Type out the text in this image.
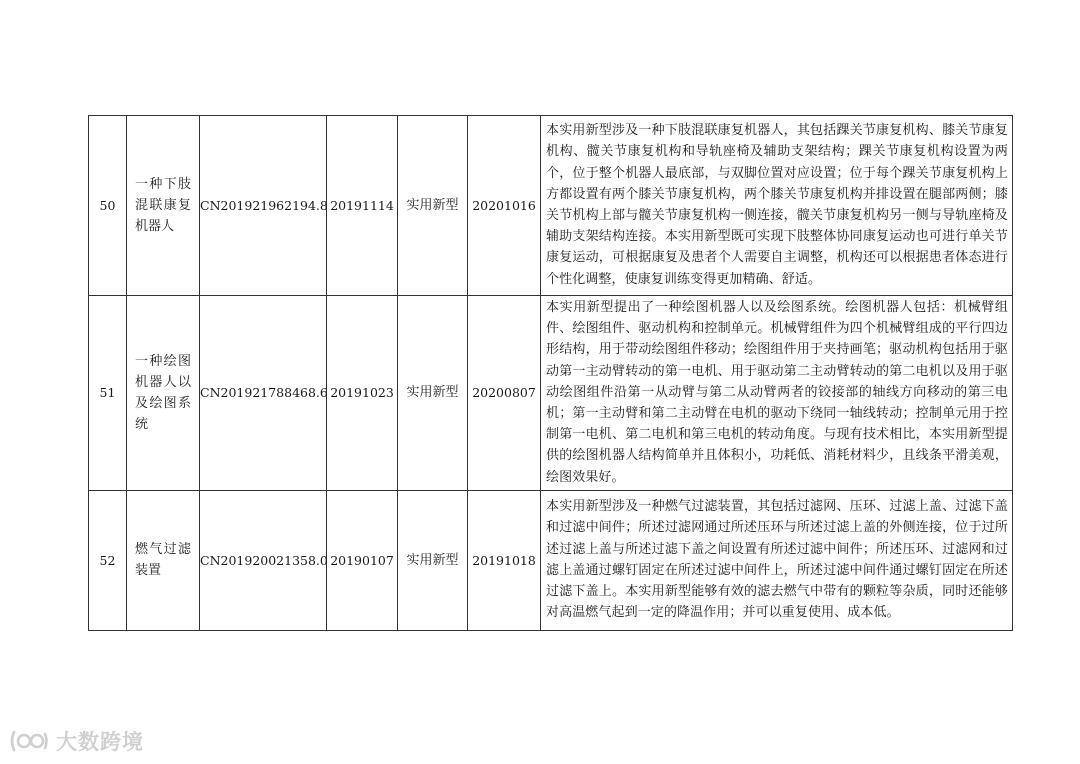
50	一种下肢混联康复机器人	CN201921962194.8	20191114	实用新型	20201016	本实用新型涉及一种下肢混联康复机器人，其包括踝关节康复机构、膝关节康复机构、髋关节康复机构和导轨座椅及辅助支架结构；踝关节康复机构设置为两个，位于整个机器人最底部，与双脚位置对应设置；位于每个踝关节康复机构上方都设置有两个膝关节康复机构，两个膝关节康复机构并排设置在腿部两侧；膝关节机构上部与髋关节康复机构一侧连接，髋关节康复机构另一侧与导轨座椅及辅助支架结构连接。本实用新型既可实现下肢整体协同康复运动也可进行单关节康复运动，可根据康复及患者个人需要自主调整，机构还可以根据患者体态进行个性化调整，使康复训练变得更加精确、舒适。
51	一种绘图机器人以及绘图系统	CN201921788468.6	20191023	实用新型	20200807	本实用新型提出了一种绘图机器人以及绘图系统。绘图机器人包括：机械臂组件、绘图组件、驱动机构和控制单元。机械臂组件为四个机械臂组成的平行四边形结构，用于带动绘图组件移动；绘图组件用于夹持画笔；驱动机构包括用于驱动第一主动臂转动的第一电机、用于驱动第二主动臂转动的第二电机以及用于驱动绘图组件沿第一从动臂与第二从动臂两者的铰接部的轴线方向移动的第三电机；第一主动臂和第二主动臂在电机的驱动下绕同一轴线转动；控制单元用于控制第一电机、第二电机和第三电机的转动角度。与现有技术相比，本实用新型提供的绘图机器人结构简单并且体积小，功耗低、消耗材料少，且线条平滑美观，绘图效果好。
52	燃气过滤装置	CN201920021358.0	20190107	实用新型	20191018	本实用新型涉及一种燃气过滤装置，其包括过滤网、压环、过滤上盖、过滤下盖和过滤中间件；所述过滤网通过所述压环与所述过滤上盖的外侧连接，位于过所述过滤上盖与所述过滤下盖之间设置有所述过滤中间件；所述压环、过滤网和过滤上盖通过螺钉固定在所述过滤中间件上，所述过滤中间件通过螺钉固定在所述过滤下盖上。本实用新型能够有效的滤去燃气中带有的颗粒等杂质，同时还能够对高温燃气起到一定的降温作用；并可以重复使用、成本低。
大数跨境
